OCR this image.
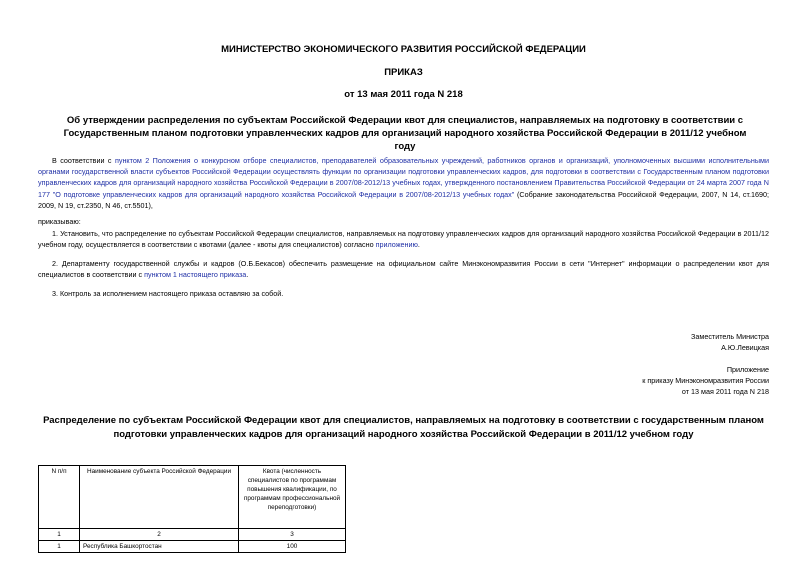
МИНИСТЕРСТВО ЭКОНОМИЧЕСКОГО РАЗВИТИЯ РОССИЙСКОЙ ФЕДЕРАЦИИ
ПРИКАЗ
от 13 мая 2011 года N 218
Об утверждении распределения по субъектам Российской Федерации квот для специалистов, направляемых на подготовку в соответствии с Государственным планом подготовки управленческих кадров для организаций народного хозяйства Российской Федерации в 2011/12 учебном году
В соответствии с пунктом 2 Положения о конкурсном отборе специалистов, преподавателей образовательных учреждений, работников органов и организаций, уполномоченных высшими исполнительными органами государственной власти субъектов Российской Федерации осуществлять функции по организации подготовки управленческих кадров, для подготовки в соответствии с Государственным планом подготовки управленческих кадров для организаций народного хозяйства Российской Федерации в 2007/08-2012/13 учебных годах, утвержденного постановлением Правительства Российской Федерации от 24 марта 2007 года N 177 "О подготовке управленческих кадров для организаций народного хозяйства Российской Федерации в 2007/08-2012/13 учебных годах" (Собрание законодательства Российской Федерации, 2007, N 14, ст.1690; 2009, N 19, ст.2350, N 46, ст.5501),
приказываю:
1. Установить, что распределение по субъектам Российской Федерации специалистов, направляемых на подготовку управленческих кадров для организаций народного хозяйства Российской Федерации в 2011/12 учебном году, осуществляется в соответствии с квотами (далее - квоты для специалистов) согласно приложению.
2. Департаменту государственной службы и кадров (О.Б.Бекасов) обеспечить размещение на официальном сайте Минэкономразвития России в сети "Интернет" информации о распределении квот для специалистов в соответствии с пунктом 1 настоящего приказа.
3. Контроль за исполнением настоящего приказа оставляю за собой.
Заместитель Министра
А.Ю.Левицкая
Приложение
к приказу Минэкономразвития России
от 13 мая 2011 года N 218
Распределение по субъектам Российской Федерации квот для специалистов, направляемых на подготовку в соответствии с государственным планом подготовки управленческих кадров для организаций народного хозяйства Российской Федерации в 2011/12 учебном году
N п/п	Наименование субъекта Российской Федерации	Квота (численность специалистов по программам повышения квалификации, по программам профессиональной переподготовки)
1	2	3
1	Республика Башкортостан	100
